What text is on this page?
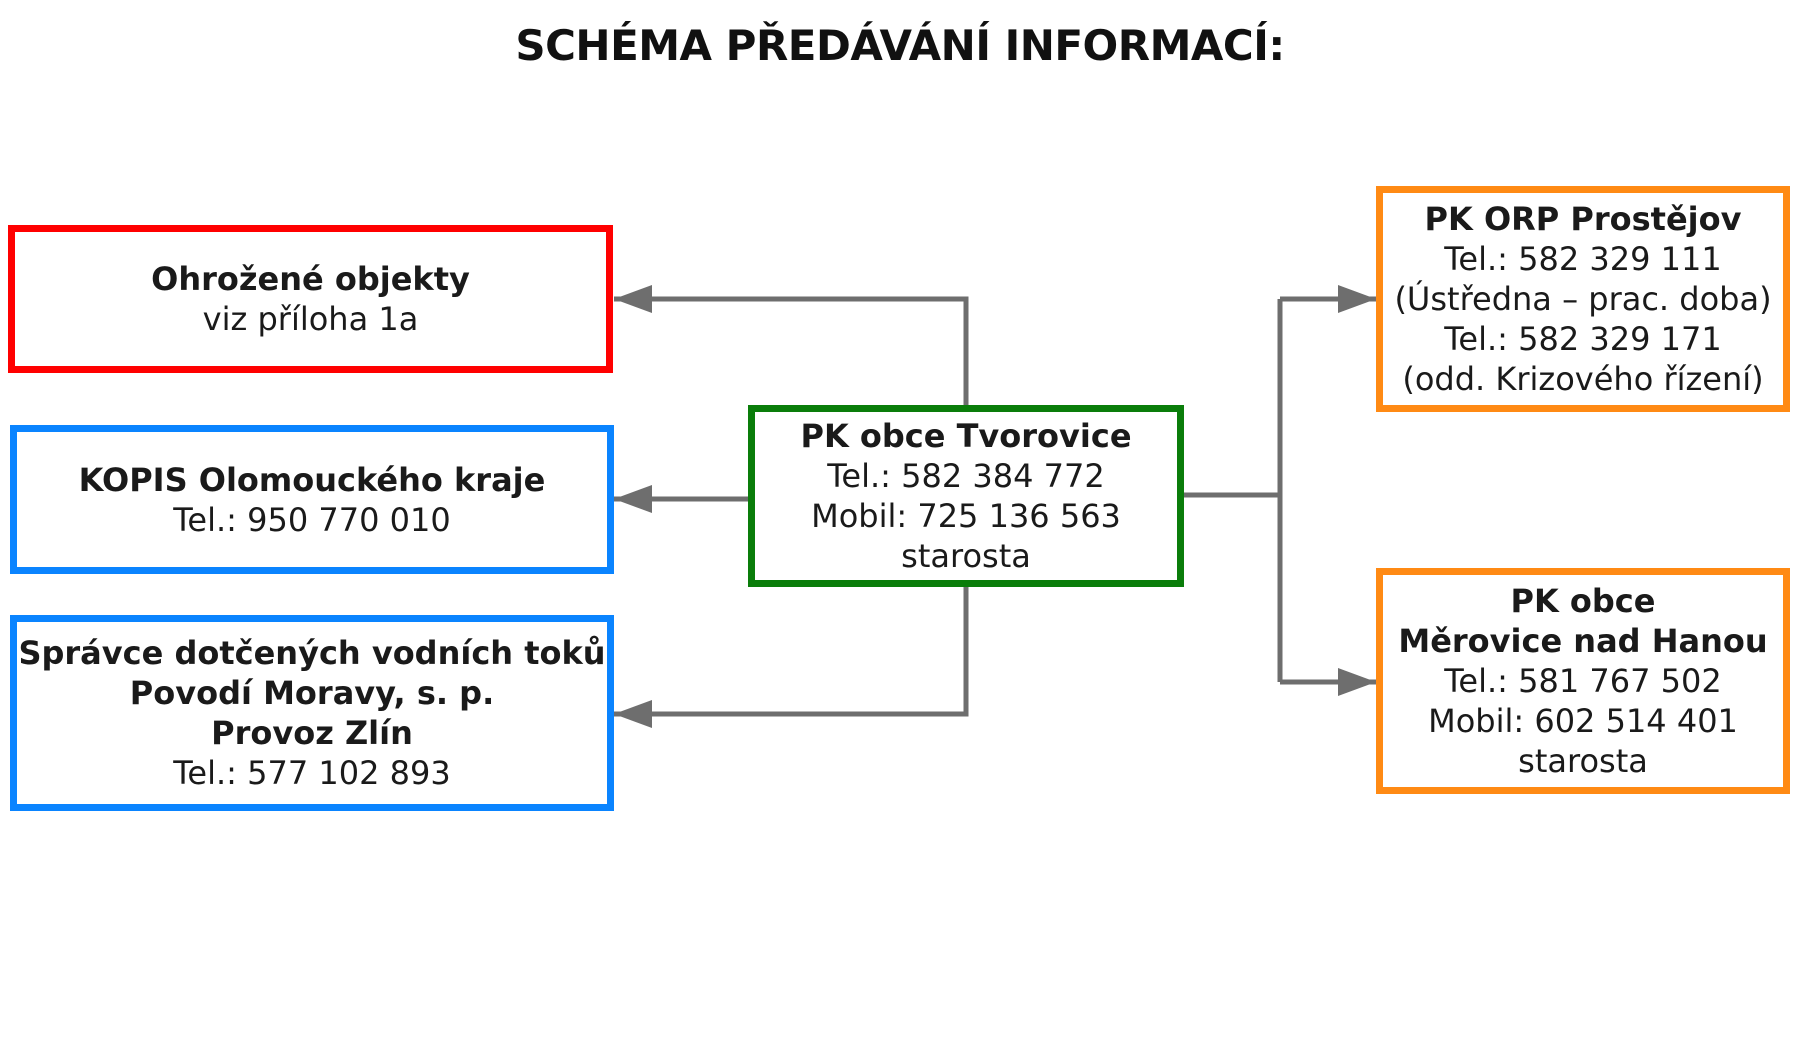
SCHÉMA PŘEDÁVÁNÍ INFORMACÍ:
Ohrožené objekty
viz příloha 1a
KOPIS Olomouckého kraje
Tel.: 950 770 010
Správce dotčených vodních toků
Povodí Moravy, s. p.
Provoz Zlín
Tel.: 577 102 893
PK obce Tvorovice
Tel.: 582 384 772
Mobil: 725 136 563
starosta
PK ORP Prostějov
Tel.: 582 329 111
(Ústředna – prac. doba)
Tel.: 582 329 171
(odd. Krizového řízení)
PK obce
Měrovice nad Hanou
Tel.: 581 767 502
Mobil: 602 514 401
starosta
